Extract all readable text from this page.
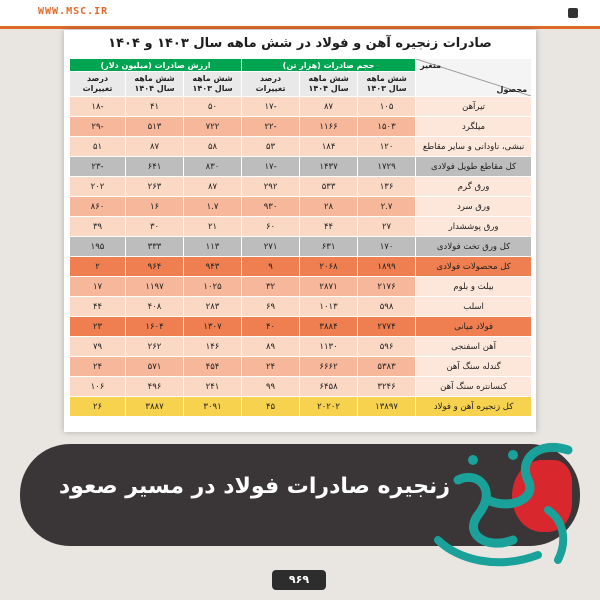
WWW.MSC.IR
صادرات زنجیره آهن و فولاد در شش ماهه سال ۱۴۰۳ و ۱۴۰۴
متغیر
محصول	حجم صادرات (هزار تن)			ارزش صادرات (میلیون دلار)		
	شش ماهه سال ۱۴۰۳	شش ماهه سال ۱۴۰۴	درصد تغییرات	شش ماهه سال ۱۴۰۳	شش ماهه سال ۱۴۰۴	درصد تغییرات
تیرآهن	۱۰۵	۸۷	-۱۷	۵۰	۴۱	-۱۸
میلگرد	۱۵۰۳	۱۱۶۶	-۲۲	۷۲۲	۵۱۳	-۲۹
نبشی، ناودانی و سایر مقاطع	۱۲۰	۱۸۴	۵۳	۵۸	۸۷	۵۱
کل مقاطع طویل فولادی	۱۷۲۹	۱۴۳۷	-۱۷	۸۳۰	۶۴۱	-۲۳
ورق گرم	۱۳۶	۵۳۳	۲۹۲	۸۷	۲۶۳	۲۰۲
ورق سرد	۲.۷	۲۸	۹۳۰	۱.۷	۱۶	۸۶۰
ورق پوششدار	۲۷	۴۴	۶۰	۲۱	۳۰	۳۹
کل ورق تخت فولادی	۱۷۰	۶۳۱	۲۷۱	۱۱۳	۳۳۳	۱۹۵
کل محصولات فولادی	۱۸۹۹	۲۰۶۸	۹	۹۴۳	۹۶۴	۲
بیلت و بلوم	۲۱۷۶	۲۸۷۱	۳۲	۱۰۲۵	۱۱۹۷	۱۷
اسلب	۵۹۸	۱۰۱۳	۶۹	۲۸۳	۴۰۸	۴۴
فولاد میانی	۲۷۷۴	۳۸۸۴	۴۰	۱۳۰۷	۱۶۰۴	۲۳
آهن اسفنجی	۵۹۶	۱۱۳۰	۸۹	۱۴۶	۲۶۲	۷۹
گندله سنگ آهن	۵۳۸۳	۶۶۶۲	۲۴	۴۵۴	۵۷۱	۲۴
کنسانتره سنگ آهن	۳۲۴۶	۶۴۵۸	۹۹	۲۴۱	۴۹۶	۱۰۶
کل زنجیره آهن و فولاد	۱۳۸۹۷	۲۰۲۰۲	۴۵	۳۰۹۱	۳۸۸۷	۲۶
زنجیره صادرات فولاد در مسیر صعود
۹۶۹
